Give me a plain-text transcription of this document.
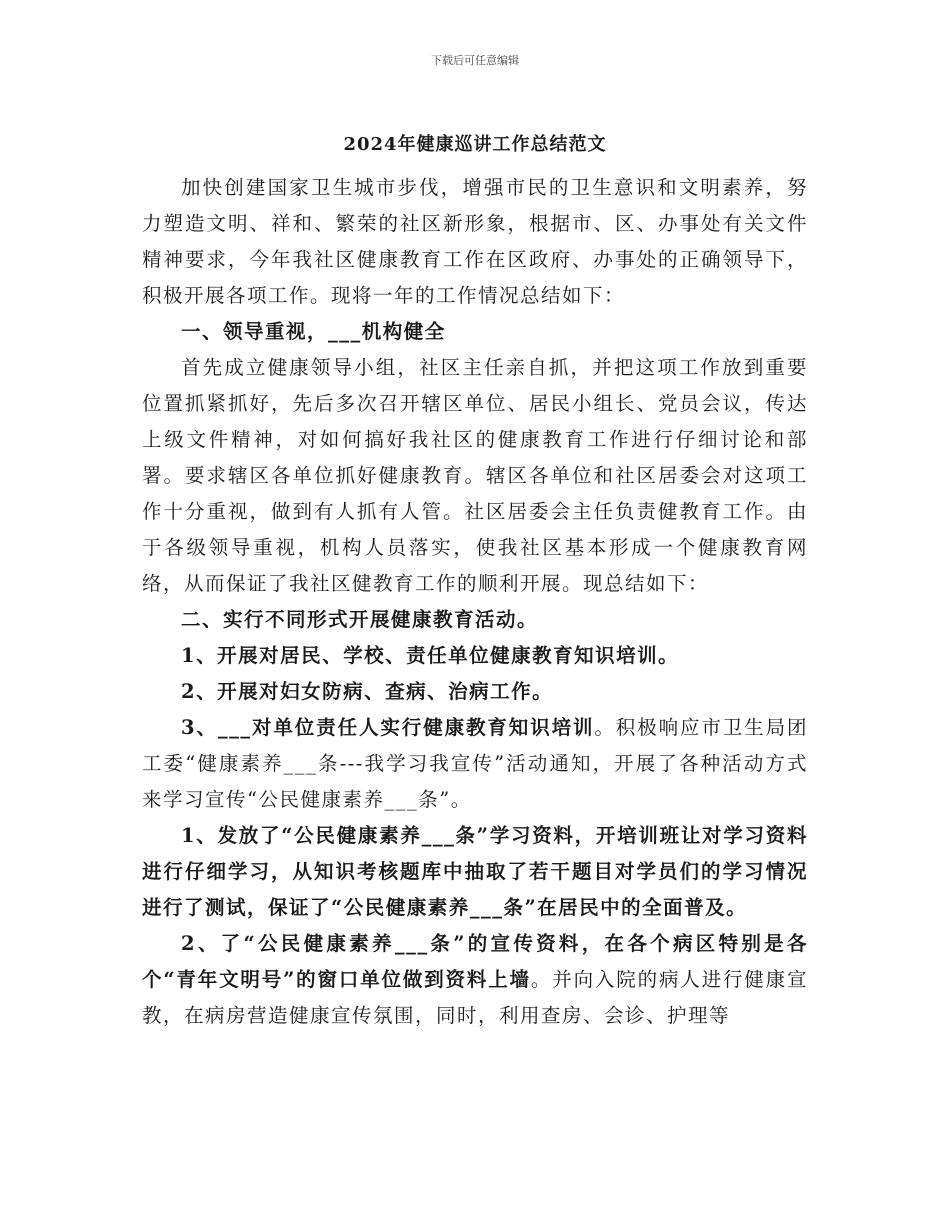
下载后可任意编辑
2024年健康巡讲工作总结范文

加快创建国家卫生城市步伐，增强市民的卫生意识和文明素养，努力塑造文明、祥和、繁荣的社区新形象，根据市、区、办事处有关文件精神要求，今年我社区健康教育工作在区政府、办事处的正确领导下，积极开展各项工作。现将一年的工作情况总结如下：

一、领导重视，___机构健全

首先成立健康领导小组，社区主任亲自抓，并把这项工作放到重要位置抓紧抓好，先后多次召开辖区单位、居民小组长、党员会议，传达上级文件精神，对如何搞好我社区的健康教育工作进行仔细讨论和部署。要求辖区各单位抓好健康教育。辖区各单位和社区居委会对这项工作十分重视，做到有人抓有人管。社区居委会主任负责健教育工作。由于各级领导重视，机构人员落实，使我社区基本形成一个健康教育网络，从而保证了我社区健教育工作的顺利开展。现总结如下：

二、实行不同形式开展健康教育活动。

1、开展对居民、学校、责任单位健康教育知识培训。

2、开展对妇女防病、查病、治病工作。

3、___对单位责任人实行健康教育知识培训。积极响应市卫生局团工委“健康素养___条---我学习我宣传”活动通知，开展了各种活动方式来学习宣传“公民健康素养___条”。

1、发放了“公民健康素养___条”学习资料，开培训班让对学习资料进行仔细学习，从知识考核题库中抽取了若干题目对学员们的学习情况进行了测试，保证了“公民健康素养___条”在居民中的全面普及。

2、了“公民健康素养___条”的宣传资料，在各个病区特别是各个“青年文明号”的窗口单位做到资料上墙。并向入院的病人进行健康宣教，在病房营造健康宣传氛围，同时，利用查房、会诊、护理等
